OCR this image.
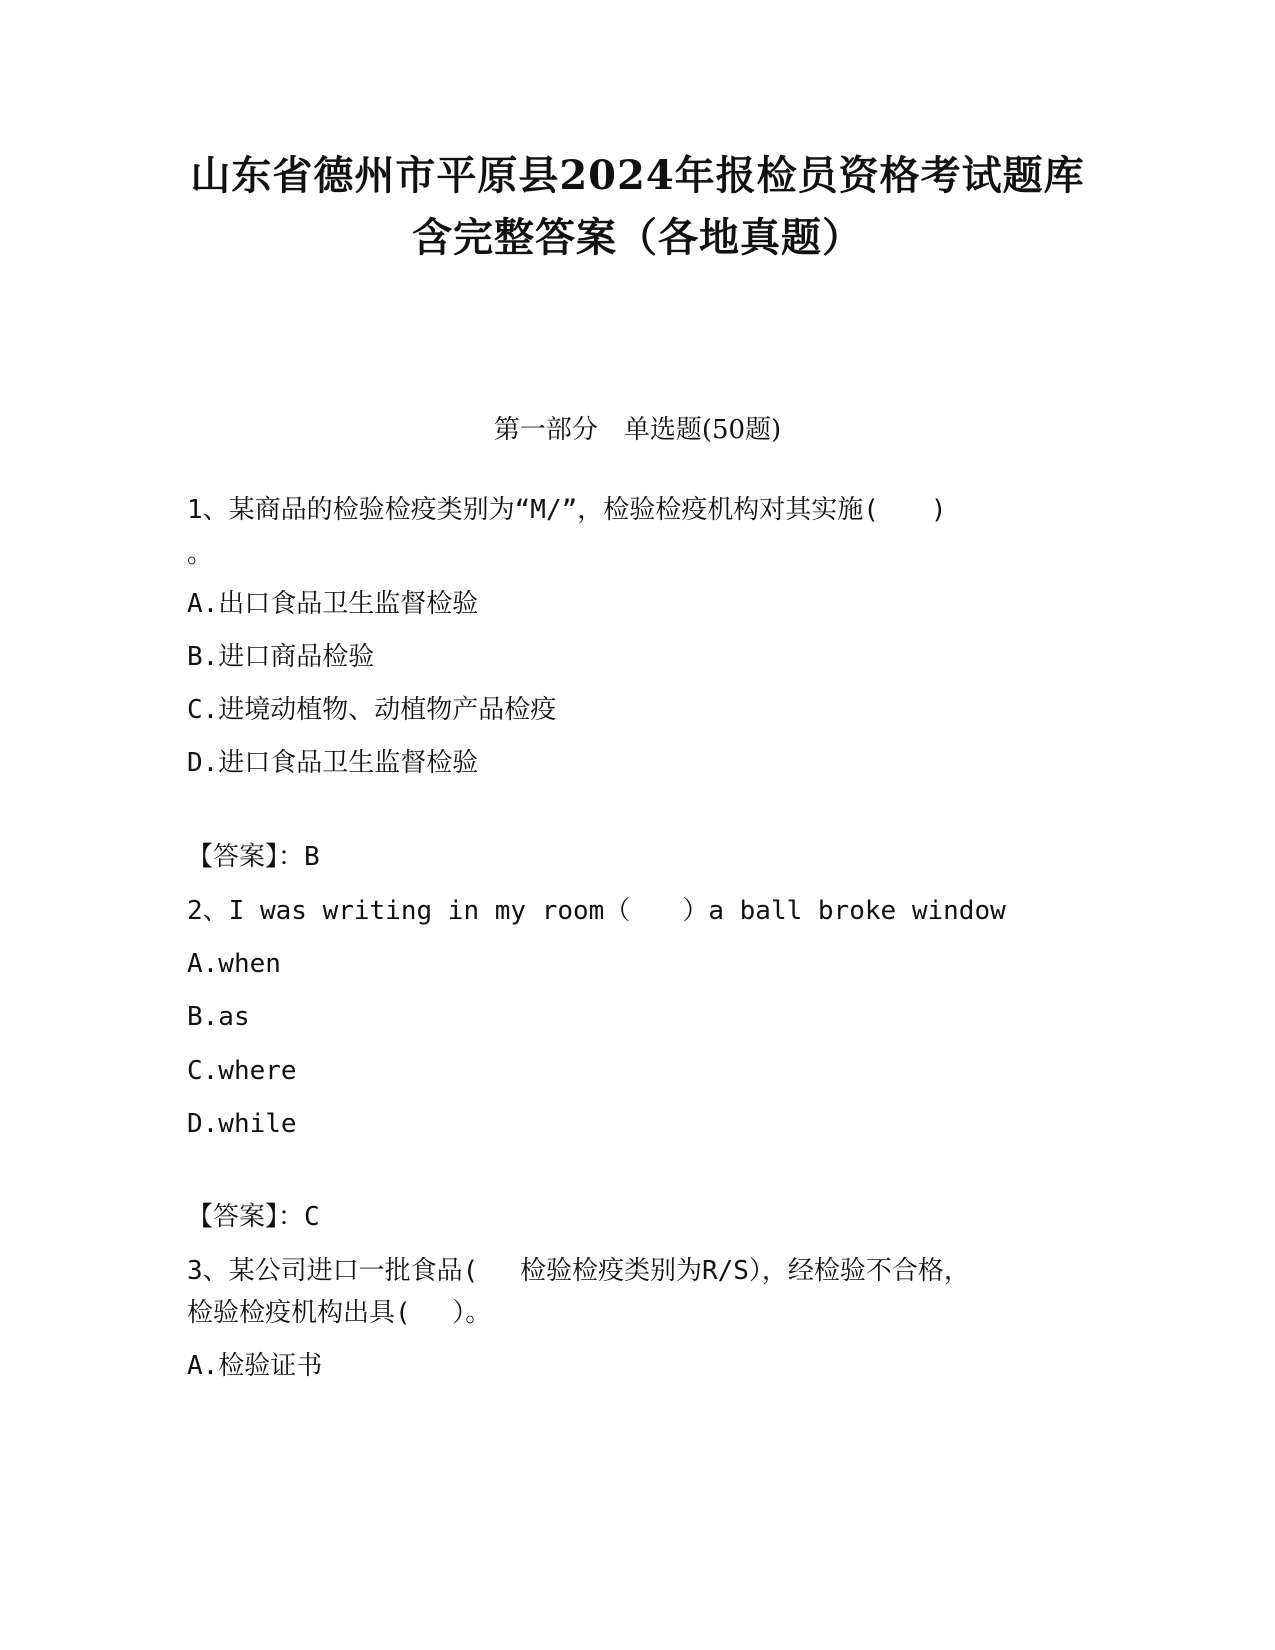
山东省德州市平原县2024年报检员资格考试题库
含完整答案（各地真题）
第一部分　单选题(50题)
1、某商品的检验检疫类别为“M/”，检验检疫机构对其实施(　　)
。
A.出口食品卫生监督检验
B.进口商品检验
C.进境动植物、动植物产品检疫
D.进口食品卫生监督检验
【答案】：B
2、I was writing in my room（　　）a ball broke window
A.when
B.as
C.where
D.while
【答案】：C
3、某公司进口一批食品(　 检验检疫类别为R/S），经检验不合格，
检验检疫机构出具(　 ）。
A.检验证书
